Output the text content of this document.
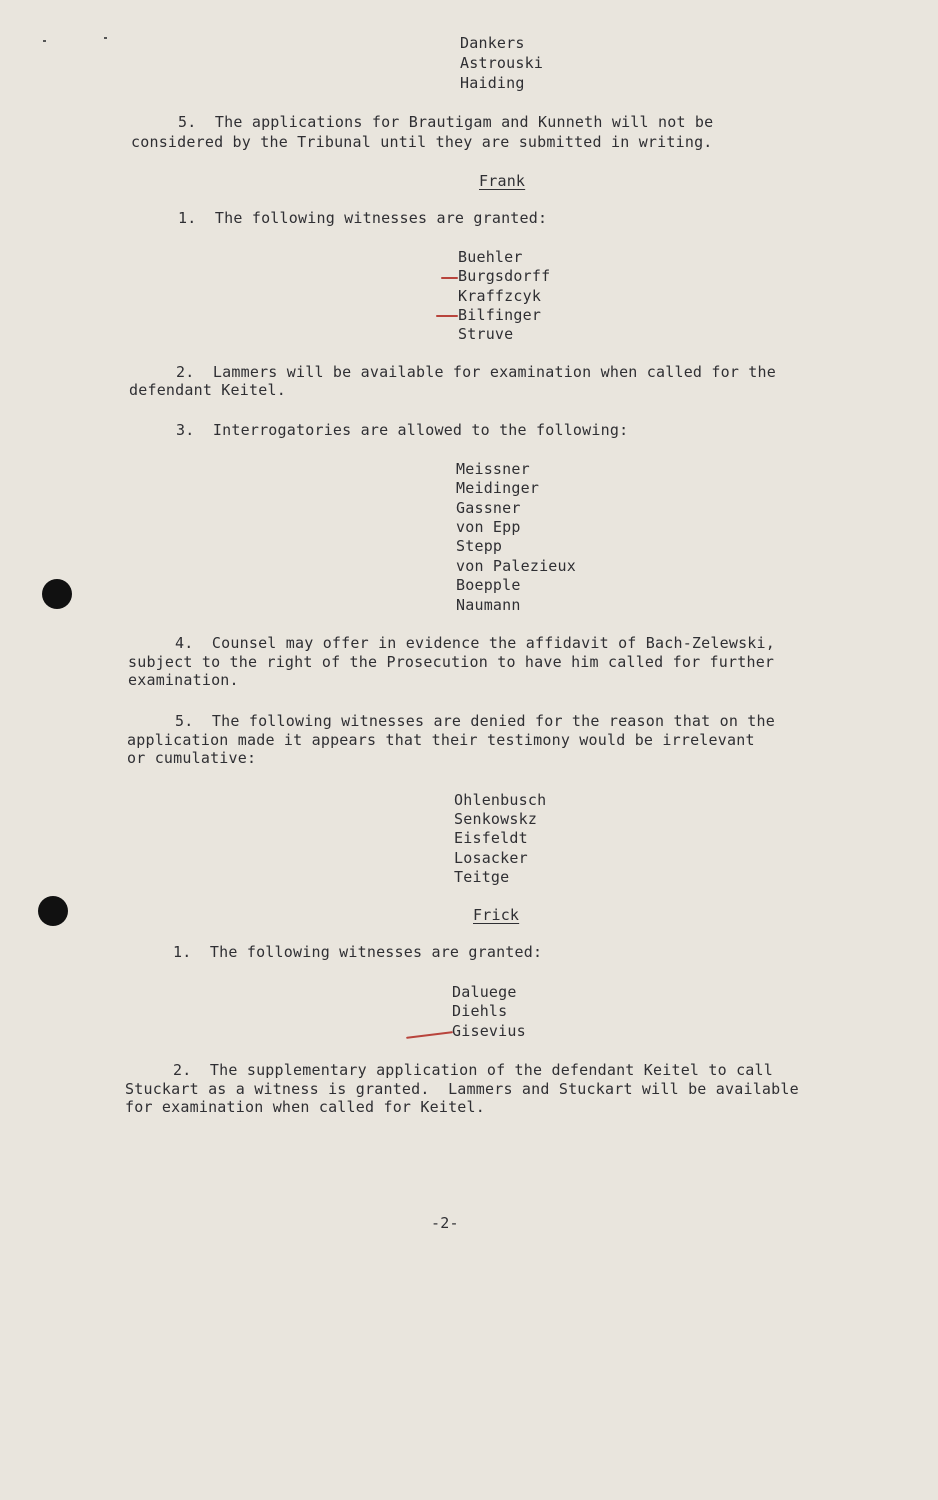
Dankers
Astrouski
Haiding
5.  The applications for Brautigam and Kunneth will not be
considered by the Tribunal until they are submitted in writing.
Frank
1.  The following witnesses are granted:
Buehler
Burgsdorff
Kraffzcyk
Bilfinger
Struve
2.  Lammers will be available for examination when called for the
defendant Keitel.
3.  Interrogatories are allowed to the following:
Meissner
Meidinger
Gassner
von Epp
Stepp
von Palezieux
Boepple
Naumann
4.  Counsel may offer in evidence the affidavit of Bach-Zelewski,
subject to the right of the Prosecution to have him called for further
examination.
5.  The following witnesses are denied for the reason that on the
application made it appears that their testimony would be irrelevant
or cumulative:
Ohlenbusch
Senkowskz
Eisfeldt
Losacker
Teitge
Frick
1.  The following witnesses are granted:
Daluege
Diehls
Gisevius
2.  The supplementary application of the defendant Keitel to call
Stuckart as a witness is granted.  Lammers and Stuckart will be available
for examination when called for Keitel.
-2-
